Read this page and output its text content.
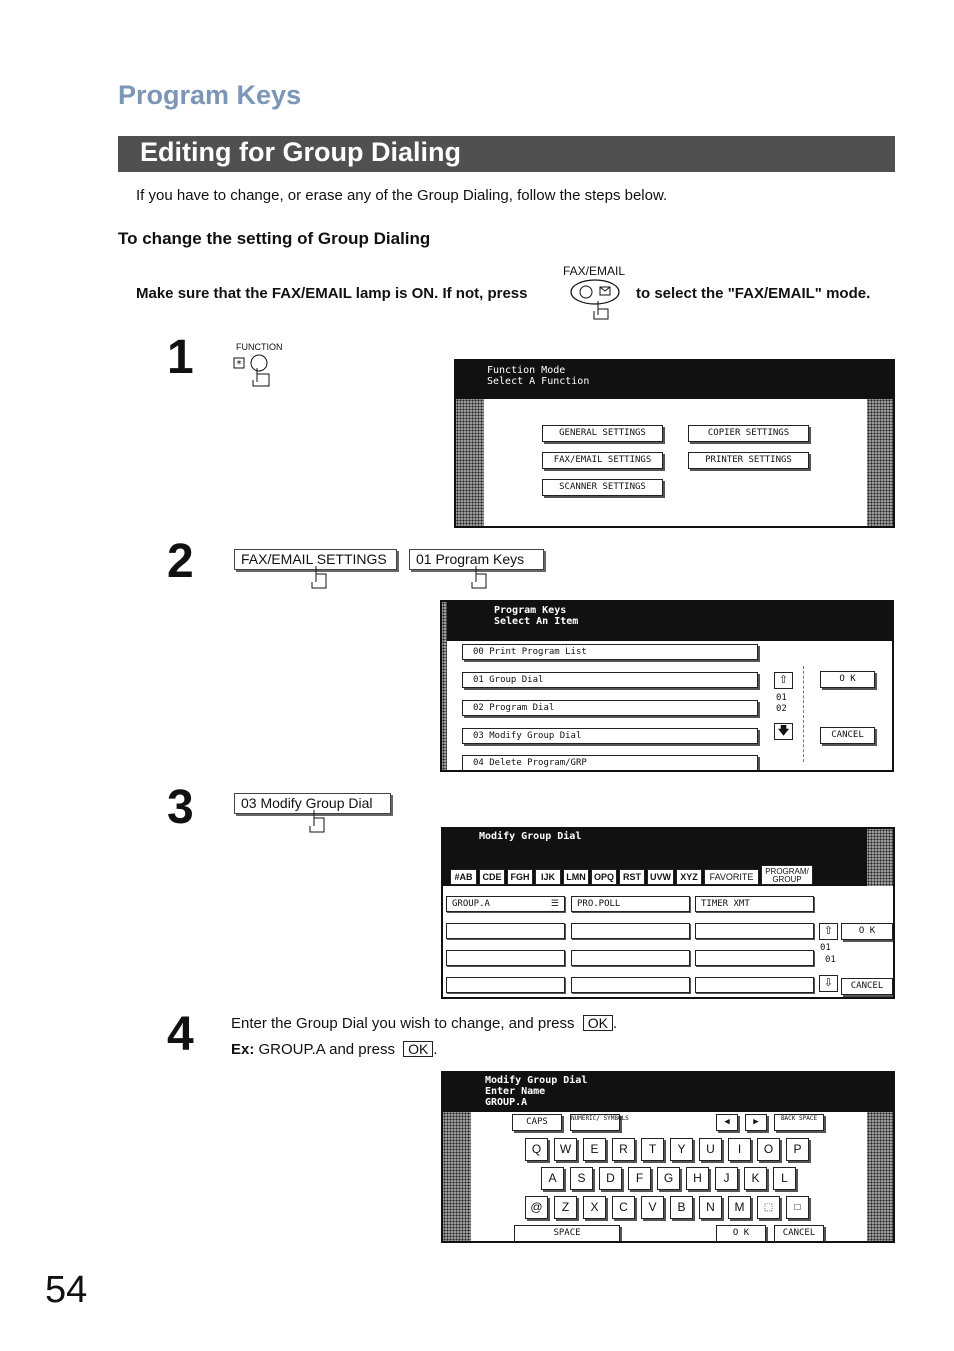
Program Keys
Editing for Group Dialing
If you have to change, or erase any of the Group Dialing, follow the steps below.
To change the setting of Group Dialing
Make sure that the FAX/EMAIL lamp is ON. If not, press
FAX/EMAIL
to select the "FAX/EMAIL" mode.
1	FUNCTION
*
Function Mode
Select A Function
GENERAL SETTINGS	COPIER SETTINGS
FAX/EMAIL SETTINGS	PRINTER SETTINGS
SCANNER SETTINGS
2	FAX/EMAIL SETTINGS	01 Program Keys
Program Keys
Select An Item
00 Print Program List
01 Group Dial
02 Program Dial
03 Modify Group Dial
04 Delete Program/GRP
⇧
01
02
🡇
O K
CANCEL
3	03 Modify Group Dial
Modify Group Dial
#AB	CDE	FGH	IJK	LMN OPQ	RST	UVW	XYZ	FAVORITE
PROGRAM/ GROUP
GROUP.A	☰	PRO.POLL	TIMER XMT
⇧
01
01
⇩
O K
CANCEL
4 Enter the Group Dial you wish to change, and press OK .
Ex: GROUP.A and press OK .
Modify Group Dial
Enter Name
GROUP.A
CAPS	NUMERIC/ SYMBOLS	◀	▶	BACK SPACE
Q	W	E	R	T	Y	U	I	O	P
A	S	D	F	G	H	J	K	L
@	Z	X	C	V	B	N	M	⬚	□
SPACE	O K	CANCEL
54
